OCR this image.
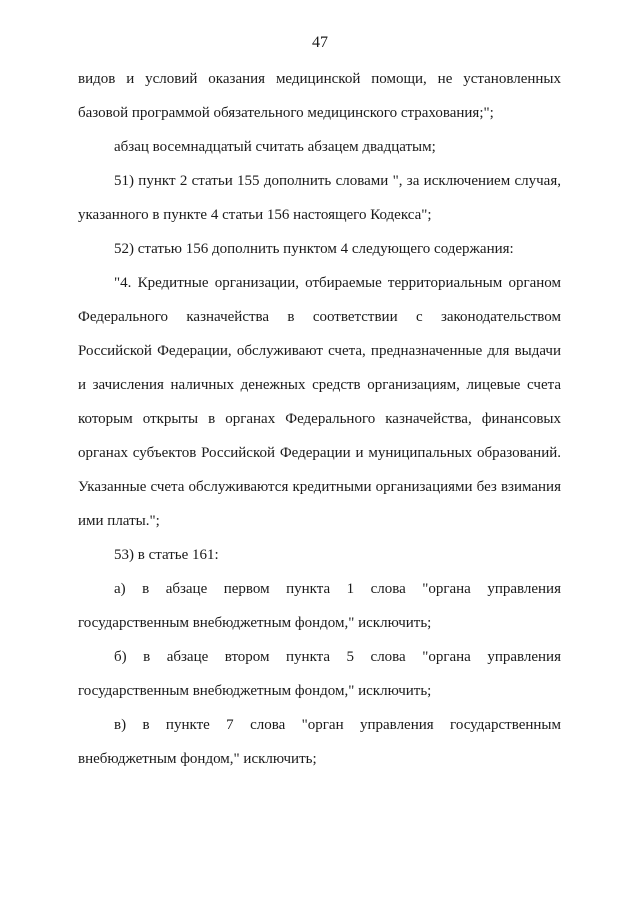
47
видов и условий оказания медицинской помощи, не установленных
базовой программой обязательного медицинского страхования;";
абзац восемнадцатый считать абзацем двадцатым;
51) пункт 2 статьи 155 дополнить словами ", за исключением случая,
указанного в пункте 4 статьи 156 настоящего Кодекса";
52) статью 156 дополнить пунктом 4 следующего содержания:
"4. Кредитные организации, отбираемые территориальным органом
Федерального казначейства в соответствии с законодательством
Российской Федерации, обслуживают счета, предназначенные для выдачи
и зачисления наличных денежных средств организациям, лицевые счета
которым открыты в органах Федерального казначейства, финансовых
органах субъектов Российской Федерации и муниципальных образований.
Указанные счета обслуживаются кредитными организациями без взимания
ими платы.";
53) в статье 161:
а) в абзаце первом пункта 1 слова "органа управления
государственным внебюджетным фондом," исключить;
б) в абзаце втором пункта 5 слова "органа управления
государственным внебюджетным фондом," исключить;
в) в пункте 7 слова "орган управления государственным
внебюджетным фондом," исключить;
